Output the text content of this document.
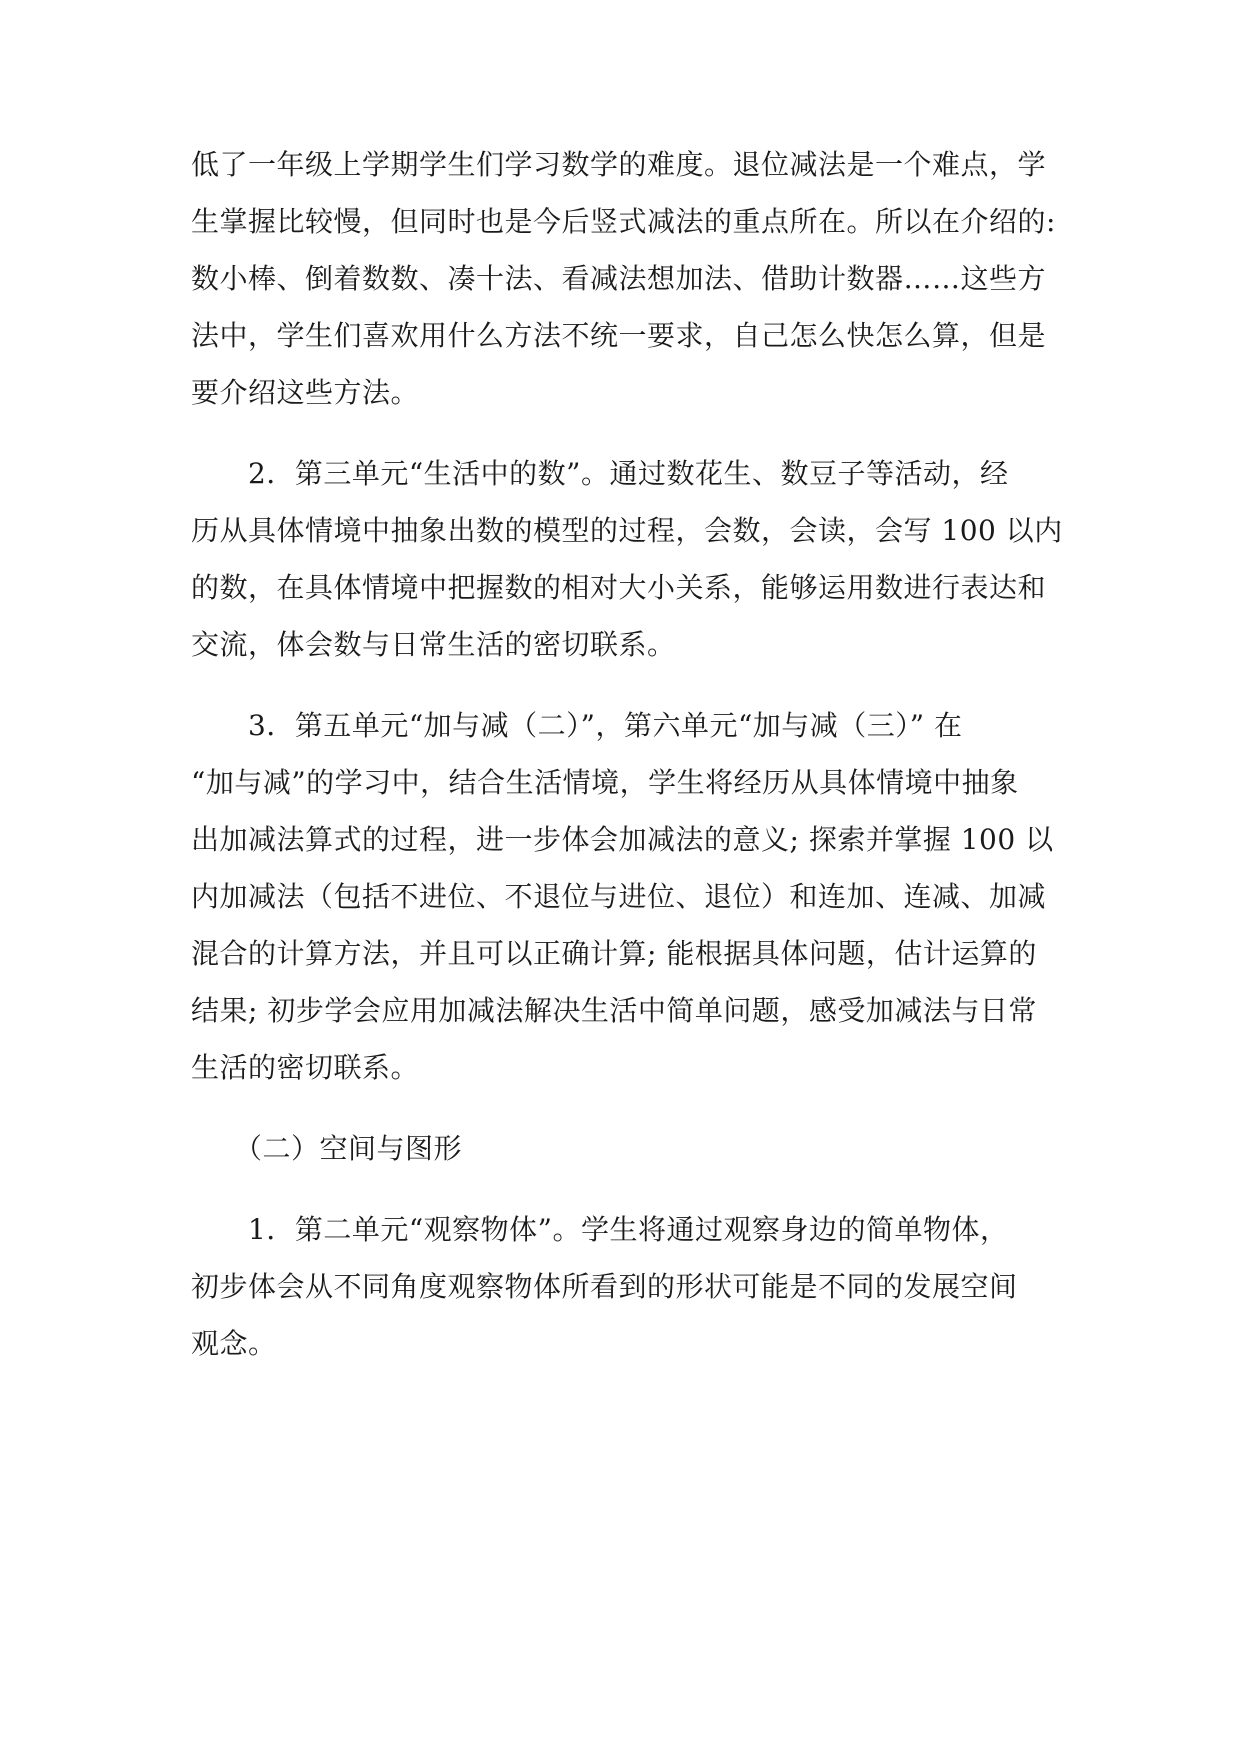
低了一年级上学期学生们学习数学的难度。退位减法是一个难点，学
生掌握比较慢，但同时也是今后竖式减法的重点所在。所以在介绍的:
数小棒、倒着数数、凑十法、看减法想加法、借助计数器……这些方
法中，学生们喜欢用什么方法不统一要求，自己怎么快怎么算，但是
要介绍这些方法。
2．第三单元“生活中的数”。通过数花生、数豆子等活动，经
历从具体情境中抽象出数的模型的过程，会数，会读，会写 100 以内
的数，在具体情境中把握数的相对大小关系，能够运用数进行表达和
交流，体会数与日常生活的密切联系。
3．第五单元“加与减（二）”，第六单元“加与减（三）” 在
“加与减”的学习中，结合生活情境，学生将经历从具体情境中抽象
出加减法算式的过程，进一步体会加减法的意义; 探索并掌握 100 以
内加减法（包括不进位、不退位与进位、退位）和连加、连减、加减
混合的计算方法，并且可以正确计算; 能根据具体问题，估计运算的
结果; 初步学会应用加减法解决生活中简单问题，感受加减法与日常
生活的密切联系。
（二）空间与图形
1．第二单元“观察物体”。学生将通过观察身边的简单物体，
初步体会从不同角度观察物体所看到的形状可能是不同的发展空间
观念。
